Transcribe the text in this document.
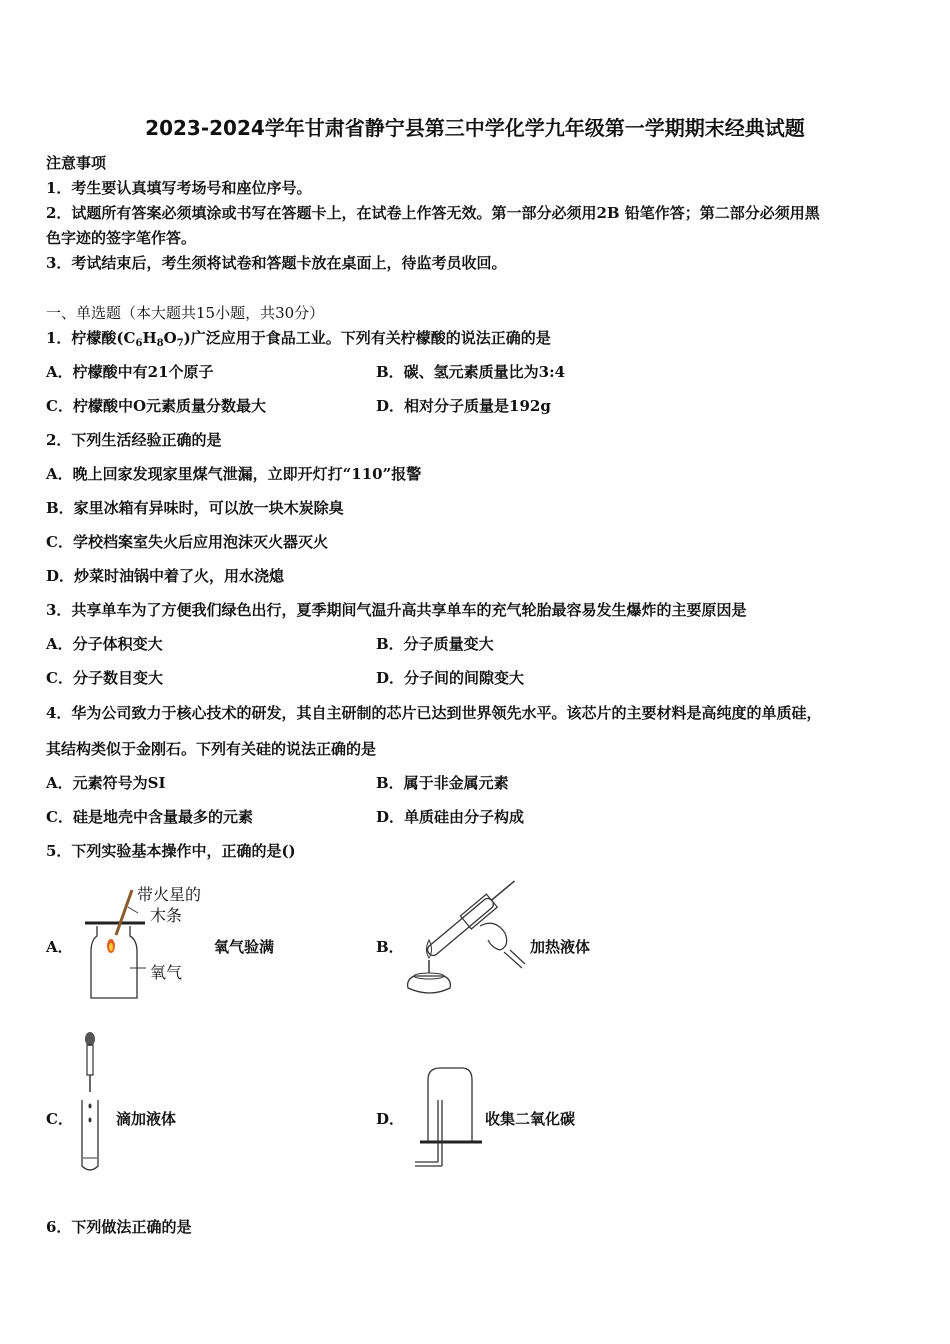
2023-2024学年甘肃省静宁县第三中学化学九年级第一学期期末经典试题
注意事项
1．考生要认真填写考场号和座位序号。
2．试题所有答案必须填涂或书写在答题卡上，在试卷上作答无效。第一部分必须用2B 铅笔作答；第二部分必须用黑
色字迹的签字笔作答。
3．考试结束后，考生须将试卷和答题卡放在桌面上，待监考员收回。
一、单选题（本大题共15小题，共30分）
1．柠檬酸$(C_6H_8O_7)$广泛应用于食品工业。下列有关柠檬酸的说法正确的是
A．柠檬酸中有21个原子	B．碳、氢元素质量比为3:4
C．柠檬酸中O元素质量分数最大	D．相对分子质量是192g
2．下列生活经验正确的是
A．晚上回家发现家里煤气泄漏，立即开灯打“110”报警
B．家里冰箱有异味时，可以放一块木炭除臭
C．学校档案室失火后应用泡沫灭火器灭火
D．炒菜时油锅中着了火，用水浇熄
3．共享单车为了方便我们绿色出行，夏季期间气温升高共享单车的充气轮胎最容易发生爆炸的主要原因是
A．分子体积变大	B．分子质量变大
C．分子数目变大	D．分子间的间隙变大
4．华为公司致力于核心技术的研发，其自主研制的芯片已达到世界领先水平。该芯片的主要材料是高纯度的单质硅，
其结构类似于金刚石。下列有关硅的说法正确的是
A．元素符号为SI	B．属于非金属元素
C．硅是地壳中含量最多的元素	D．单质硅由分子构成
5．下列实验基本操作中，正确的是()
A．
带火星的
木条
氧气
氧气验满	B．	加热液体
C．	滴加液体	D．	收集二氧化碳
6．下列做法正确的是
